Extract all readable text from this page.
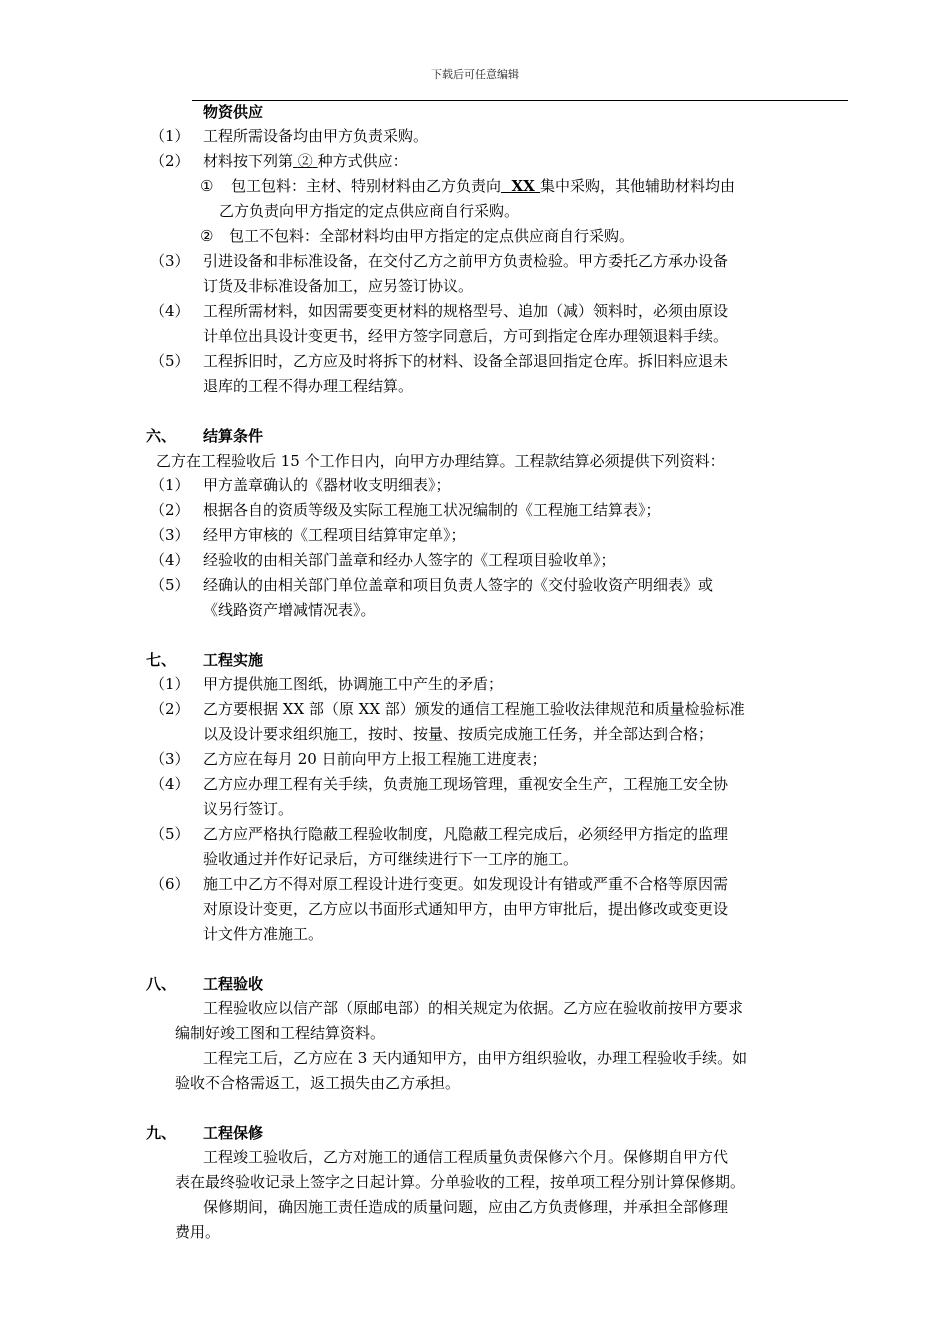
下载后可任意编辑
物资供应
（1） 工程所需设备均由甲方负责采购。
（2） 材料按下列第 ② 种方式供应：
① 包工包料：主材、特别材料由乙方负责向 XX 集中采购，其他辅助材料均由
乙方负责向甲方指定的定点供应商自行采购。
② 包工不包料：全部材料均由甲方指定的定点供应商自行采购。
（3） 引进设备和非标准设备，在交付乙方之前甲方负责检验。甲方委托乙方承办设备
订货及非标准设备加工，应另签订协议。
（4） 工程所需材料，如因需要变更材料的规格型号、追加（减）领料时，必须由原设
计单位出具设计变更书，经甲方签字同意后，方可到指定仓库办理领退料手续。
（5） 工程拆旧时，乙方应及时将拆下的材料、设备全部退回指定仓库。拆旧料应退未
退库的工程不得办理工程结算。
六、 结算条件
乙方在工程验收后 15 个工作日内，向甲方办理结算。工程款结算必须提供下列资料：
（1） 甲方盖章确认的《器材收支明细表》；
（2） 根据各自的资质等级及实际工程施工状况编制的《工程施工结算表》；
（3） 经甲方审核的《工程项目结算审定单》；
（4） 经验收的由相关部门盖章和经办人签字的《工程项目验收单》；
（5） 经确认的由相关部门单位盖章和项目负责人签字的《交付验收资产明细表》或
《线路资产增减情况表》。
七、 工程实施
（1） 甲方提供施工图纸，协调施工中产生的矛盾；
（2） 乙方要根据 XX 部（原 XX 部）颁发的通信工程施工验收法律规范和质量检验标准
以及设计要求组织施工，按时、按量、按质完成施工任务，并全部达到合格；
（3） 乙方应在每月 20 日前向甲方上报工程施工进度表；
（4） 乙方应办理工程有关手续，负责施工现场管理，重视安全生产，工程施工安全协
议另行签订。
（5） 乙方应严格执行隐蔽工程验收制度，凡隐蔽工程完成后，必须经甲方指定的监理
验收通过并作好记录后，方可继续进行下一工序的施工。
（6） 施工中乙方不得对原工程设计进行变更。如发现设计有错或严重不合格等原因需
对原设计变更，乙方应以书面形式通知甲方，由甲方审批后，提出修改或变更设
计文件方准施工。
八、 工程验收
工程验收应以信产部（原邮电部）的相关规定为依据。乙方应在验收前按甲方要求
编制好竣工图和工程结算资料。
工程完工后，乙方应在 3 天内通知甲方，由甲方组织验收，办理工程验收手续。如
验收不合格需返工，返工损失由乙方承担。
九、 工程保修
工程竣工验收后，乙方对施工的通信工程质量负责保修六个月。保修期自甲方代
表在最终验收记录上签字之日起计算。分单验收的工程，按单项工程分别计算保修期。
保修期间，确因施工责任造成的质量问题，应由乙方负责修理，并承担全部修理
费用。
